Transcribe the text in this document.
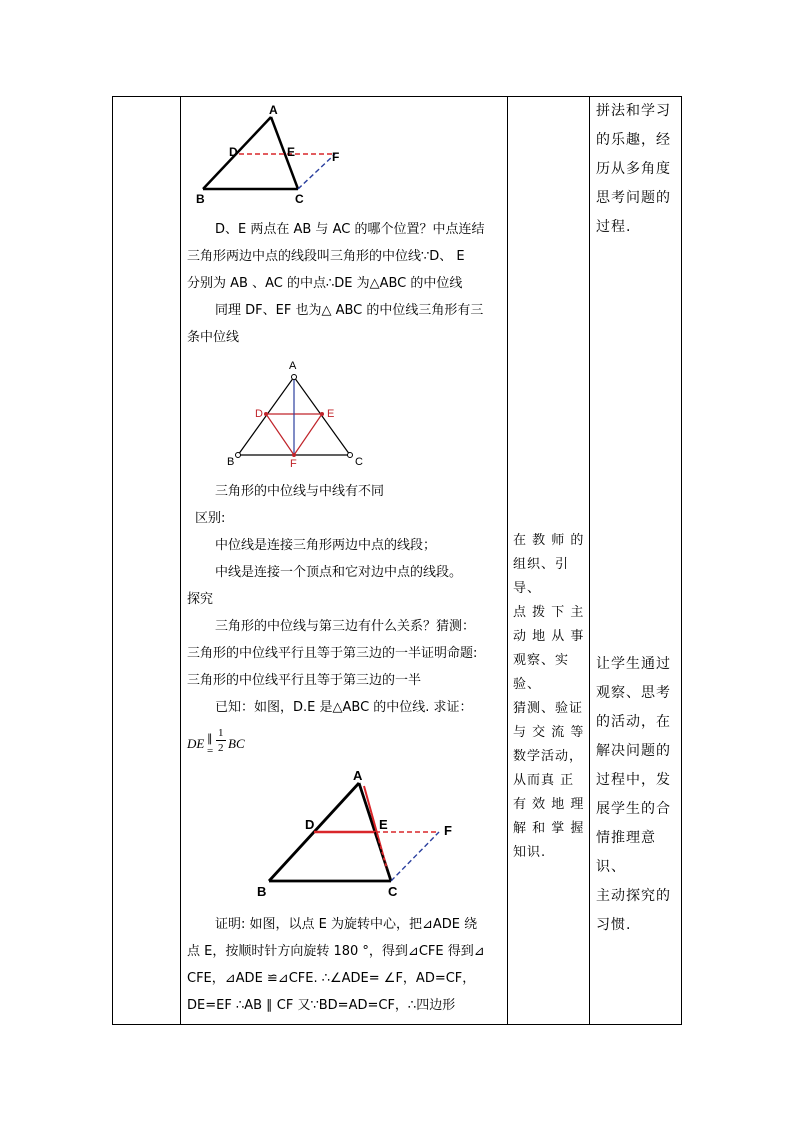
A
D	E	F
B	C
D、E 两点在 AB 与 AC 的哪个位置？中点连结
三角形两边中点的线段叫三角形的中位线∵D、 E
分别为 AB 、AC 的中点∴DE 为△ABC 的中位线
同理 DF、EF 也为△ ABC 的中位线三角形有三
条中位线
A
D	E
B	C
F
三角形的中位线与中线有不同
区别:
中位线是连接三角形两边中点的线段；
中线是连接一个顶点和它对边中点的线段。
探究
三角形的中位线与第三边有什么关系？猜测：
三角形的中位线平行且等于第三边的一半证明命题:
三角形的中位线平行且等于第三边的一半
已知：如图，D.E 是△ABC 的中位线. 求证：
DE ∥
=
1
2 BC
A
D	E	F
B	C
证明: 如图，以点 E 为旋转中心，把⊿ADE 绕
点 E，按顺时针方向旋转 180 °，得到⊿CFE 得到⊿
CFE，⊿ADE ≌⊿CFE. ∴∠ADE= ∠F，AD=CF，
DE=EF ∴AB ∥ CF 又∵BD=AD=CF，∴四边形
在 教 师 的
组织、引导、
点 拨 下 主
动 地 从 事
观察、实验、
猜测、验证
与 交 流 等
数学活动，
从而真 正
有 效 地 理
解 和 掌 握
知识.
拼法和学习
的乐趣，经
历从多角度
思考问题的
过程.
让学生通过
观察、思考
的活动，在
解决问题的
过程中，发
展学生的合
情推理意识、
主动探究的
习惯.
